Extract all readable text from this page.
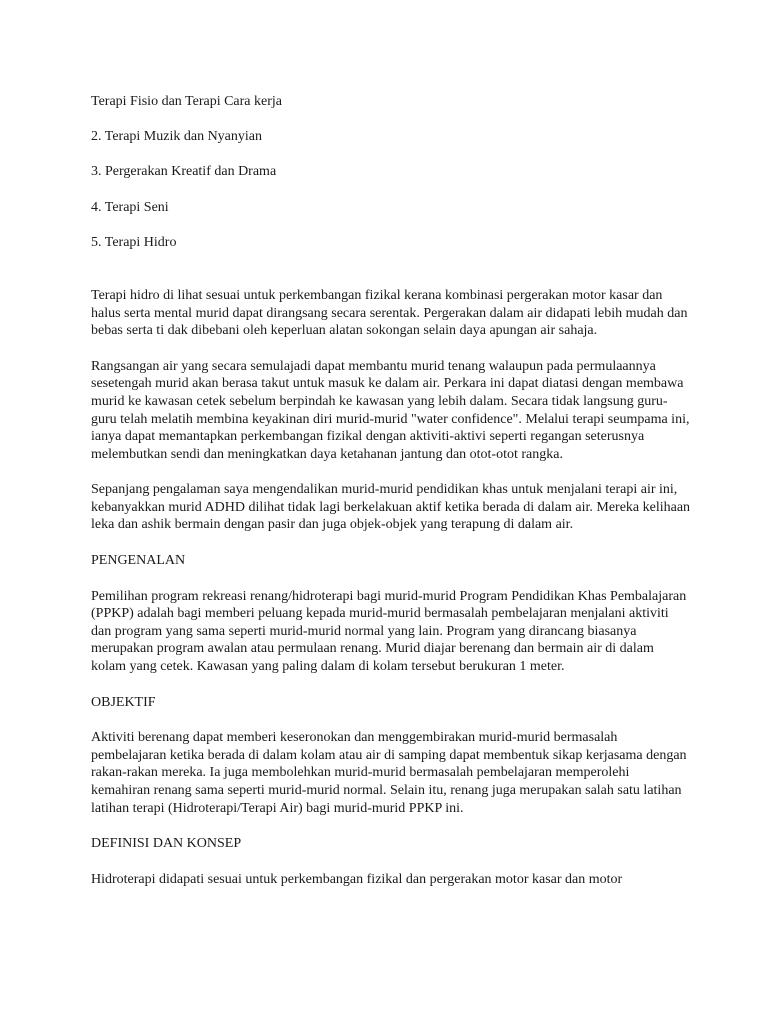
Terapi Fisio dan Terapi Cara kerja
2. Terapi Muzik dan Nyanyian
3. Pergerakan Kreatif dan Drama
4. Terapi Seni
5. Terapi Hidro

Terapi hidro di lihat sesuai untuk perkembangan fizikal kerana kombinasi pergerakan motor kasar dan halus serta mental murid dapat dirangsang secara serentak. Pergerakan dalam air didapati lebih mudah dan bebas serta ti dak dibebani oleh keperluan alatan sokongan selain daya apungan air sahaja.

Rangsangan air yang secara semulajadi dapat membantu murid tenang walaupun pada permulaannya sesetengah murid akan berasa takut untuk masuk ke dalam air. Perkara ini dapat diatasi dengan membawa murid ke kawasan cetek sebelum berpindah ke kawasan yang lebih dalam. Secara tidak langsung guru-guru telah melatih membina keyakinan diri murid-murid "water confidence". Melalui terapi seumpama ini, ianya dapat memantapkan perkembangan fizikal dengan aktiviti-aktivi seperti regangan seterusnya melembutkan sendi dan meningkatkan daya ketahanan jantung dan otot-otot rangka.

Sepanjang pengalaman saya mengendalikan murid-murid pendidikan khas untuk menjalani terapi air ini, kebanyakkan murid ADHD dilihat tidak lagi berkelakuan aktif ketika berada di dalam air. Mereka kelihaan leka dan ashik bermain dengan pasir dan juga objek-objek yang terapung di dalam air.

PENGENALAN

Pemilihan program rekreasi renang/hidroterapi bagi murid-murid Program Pendidikan Khas Pembalajaran (PPKP) adalah bagi memberi peluang kepada murid-murid bermasalah pembelajaran menjalani aktiviti dan program yang sama seperti murid-murid normal yang lain. Program yang dirancang biasanya merupakan program awalan atau permulaan renang. Murid diajar berenang dan bermain air di dalam kolam yang cetek. Kawasan yang paling dalam di kolam tersebut berukuran 1 meter.

OBJEKTIF

Aktiviti berenang dapat memberi keseronokan dan menggembirakan murid-murid bermasalah pembelajaran ketika berada di dalam kolam atau air di samping dapat membentuk sikap kerjasama dengan rakan-rakan mereka. Ia juga membolehkan murid-murid bermasalah pembelajaran memperolehi kemahiran renang sama seperti murid-murid normal. Selain itu, renang juga merupakan salah satu latihan latihan terapi (Hidroterapi/Terapi Air) bagi murid-murid PPKP ini.

DEFINISI DAN KONSEP

Hidroterapi didapati sesuai untuk perkembangan fizikal dan pergerakan motor kasar dan motor
